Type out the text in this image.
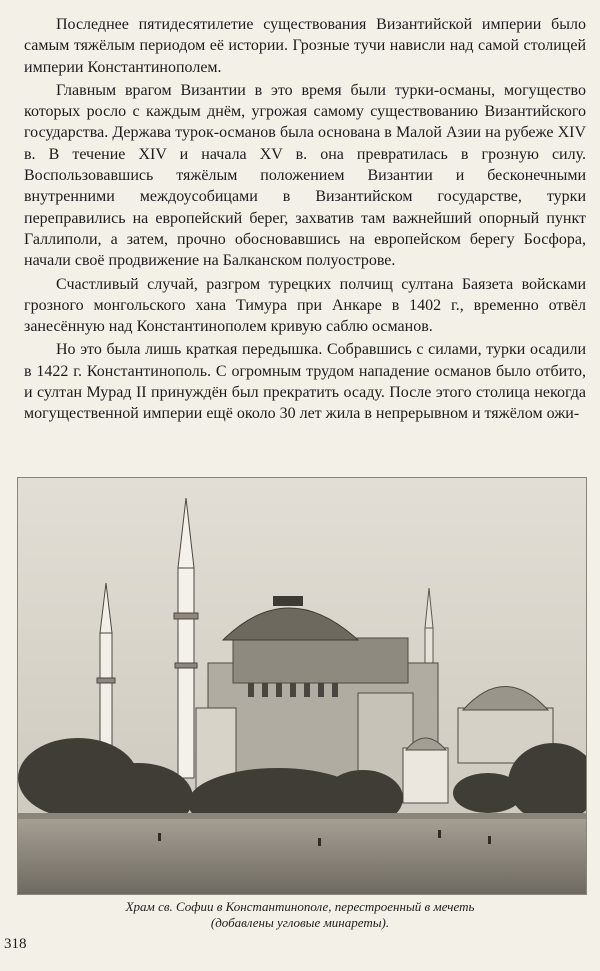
Последнее пятидесятилетие существования Византийской империи было самым тяжёлым периодом её истории. Грозные тучи нависли над самой столицей империи Константинополем.

Главным врагом Византии в это время были турки-османы, могущество которых росло с каждым днём, угрожая самому существованию Византийского государства. Держава турок-османов была основана в Малой Азии на рубеже XIV в. В течение XIV и начала XV в. она превратилась в грозную силу. Воспользовавшись тяжёлым положением Византии и бесконечными внутренними междоусобицами в Византийском государстве, турки переправились на европейский берег, захватив там важнейший опорный пункт Галлиполи, а затем, прочно обосновавшись на европейском берегу Босфора, начали своё продвижение на Балканском полуострове.

Счастливый случай, разгром турецких полчищ султана Баязета войсками грозного монгольского хана Тимура при Анкаре в 1402 г., временно отвёл занесённую над Константинополем кривую саблю османов.

Но это была лишь краткая передышка. Собравшись с силами, турки осадили в 1422 г. Константинополь. С огромным трудом нападение османов было отбито, и султан Мурад II принуждён был прекратить осаду. После этого столица некогда могущественной империи ещё около 30 лет жила в непрерывном и тяжёлом ожи-

Храм св. Софии в Константинополе, перестроенный в мечеть
(добавлены угловые минареты).
318
